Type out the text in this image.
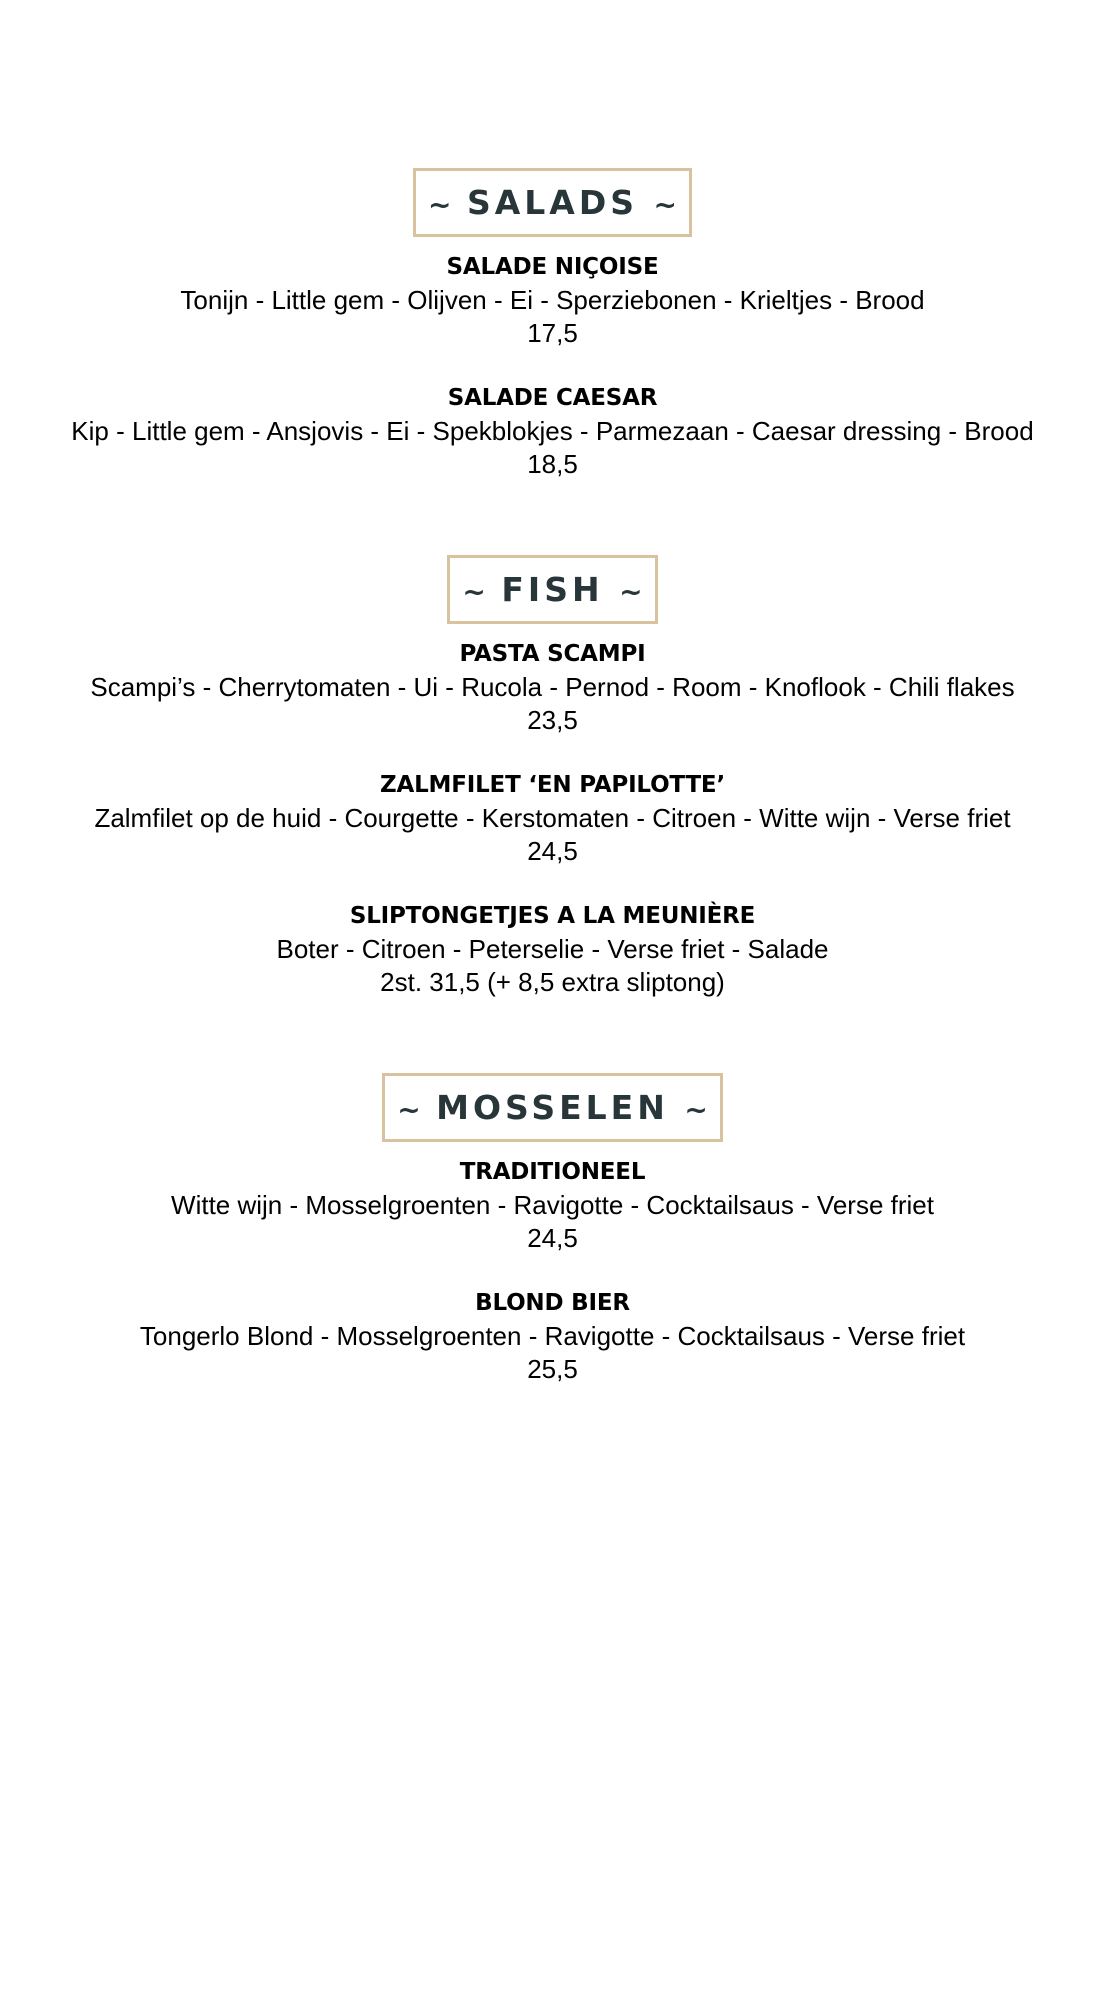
~ SALADS ~
SALADE NIÇOISE
Tonijn - Little gem - Olijven - Ei - Sperziebonen - Krieltjes - Brood
17,5
SALADE CAESAR
Kip - Little gem - Ansjovis - Ei - Spekblokjes - Parmezaan - Caesar dressing - Brood
18,5
~ FISH ~
PASTA SCAMPI
Scampi’s - Cherrytomaten - Ui - Rucola - Pernod - Room - Knoflook - Chili flakes
23,5
ZALMFILET ‘EN PAPILOTTE’
Zalmfilet op de huid - Courgette - Kerstomaten - Citroen - Witte wijn - Verse friet
24,5
SLIPTONGETJES A LA MEUNIÈRE
Boter - Citroen - Peterselie - Verse friet - Salade
2st. 31,5 (+ 8,5 extra sliptong)
~ MOSSELEN ~
TRADITIONEEL
Witte wijn - Mosselgroenten - Ravigotte - Cocktailsaus - Verse friet
24,5
BLOND BIER
Tongerlo Blond - Mosselgroenten - Ravigotte - Cocktailsaus - Verse friet
25,5
